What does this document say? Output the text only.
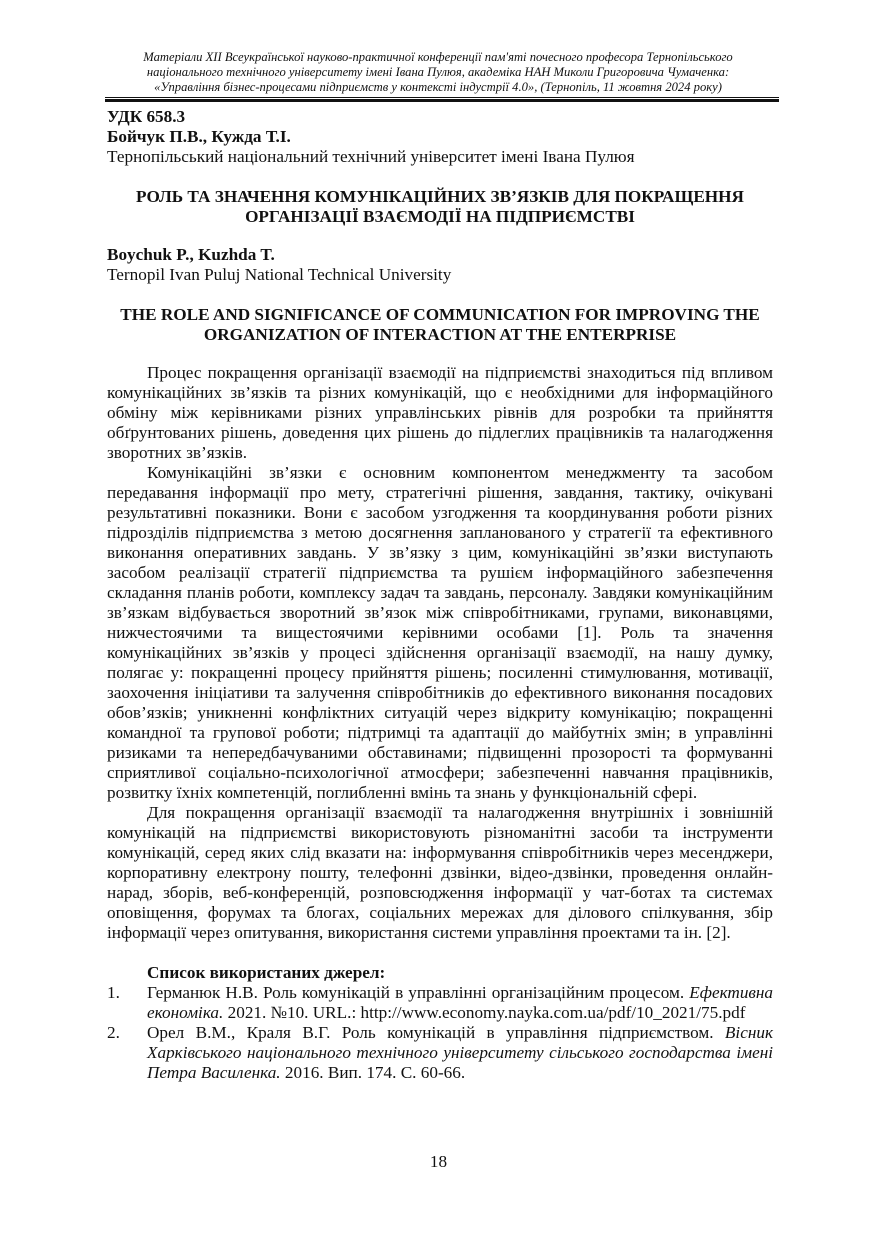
Матеріали XII Всеукраїнської науково-практичної конференції пам'яті почесного професора Тернопільського
національного технічного університету імені Івана Пулюя, академіка НАН Миколи Григоровича Чумаченка:
«Управління бізнес-процесами підприємств у контексті індустрії 4.0», (Тернопіль, 11 жовтня 2024 року)
УДК 658.3
Бойчук П.В., Кужда Т.І.
Тернопільський національний технічний університет імені Івана Пулюя
РОЛЬ ТА ЗНАЧЕННЯ КОМУНІКАЦІЙНИХ ЗВ’ЯЗКІВ ДЛЯ ПОКРАЩЕННЯ
ОРГАНІЗАЦІЇ ВЗАЄМОДІЇ НА ПІДПРИЄМСТВІ
Boychuk P., Kuzhda T.
Ternopil Ivan Puluj National Technical University
THE ROLE AND SIGNIFICANCE OF COMMUNICATION FOR IMPROVING THE
ORGANIZATION OF INTERACTION AT THE ENTERPRISE

Процес покращення організації взаємодії на підприємстві знаходиться під впливом комунікаційних зв’язків та різних комунікацій, що є необхідними для інформаційного обміну між керівниками різних управлінських рівнів для розробки та прийняття обґрунтованих рішень, доведення цих рішень до підлеглих працівників та налагодження зворотних зв’язків.

Комунікаційні зв’язки є основним компонентом менеджменту та засобом передавання інформації про мету, стратегічні рішення, завдання, тактику, очікувані результативні показники. Вони є засобом узгодження та координування роботи різних підрозділів підприємства з метою досягнення запланованого у стратегії та ефективного виконання оперативних завдань. У зв’язку з цим, комунікаційні зв’язки виступають засобом реалізації стратегії підприємства та рушієм інформаційного забезпечення складання планів роботи, комплексу задач та завдань, персоналу. Завдяки комунікаційним зв’язкам відбувається зворотний зв’язок між співробітниками, групами, виконавцями, нижчестоячими та вищестоячими керівними особами [1]. Роль та значення комунікаційних зв’язків у процесі здійснення організації взаємодії, на нашу думку, полягає у: покращенні процесу прийняття рішень; посиленні стимулювання, мотивації, заохочення ініціативи та залучення співробітників до ефективного виконання посадових обов’язків; уникненні конфліктних ситуацій через відкриту комунікацію; покращенні командної та групової роботи; підтримці та адаптації до майбутніх змін; в управлінні ризиками та непередбачуваними обставинами; підвищенні прозорості та формуванні сприятливої соціально-психологічної атмосфери; забезпеченні навчання працівників, розвитку їхніх компетенцій, поглибленні вмінь та знань у функціональній сфері.

Для покращення організації взаємодії та налагодження внутрішніх і зовнішній комунікацій на підприємстві використовують різноманітні засоби та інструменти комунікацій, серед яких слід вказати на: інформування співробітників через месенджери, корпоративну електрону пошту, телефонні дзвінки, відео-дзвінки, проведення онлайн-нарад, зборів, веб-конференцій, розповсюдження інформації у чат-ботах та системах оповіщення, форумах та блогах, соціальних мережах для ділового спілкування, збір інформації через опитування, використання системи управління проектами та ін. [2].

Список використаних джерел:
1.	Германюк Н.В. Роль комунікацій в управлінні організаційним процесом. Ефективна економіка. 2021. №10. URL.: http://www.economy.nayka.com.ua/pdf/10_2021/75.pdf
2.	Орел В.М., Краля В.Г. Роль комунікацій в управління підприємством. Вісник Харківського національного технічного університету сільського господарства імені Петра Василенка. 2016. Вип. 174. С. 60-66.
18
